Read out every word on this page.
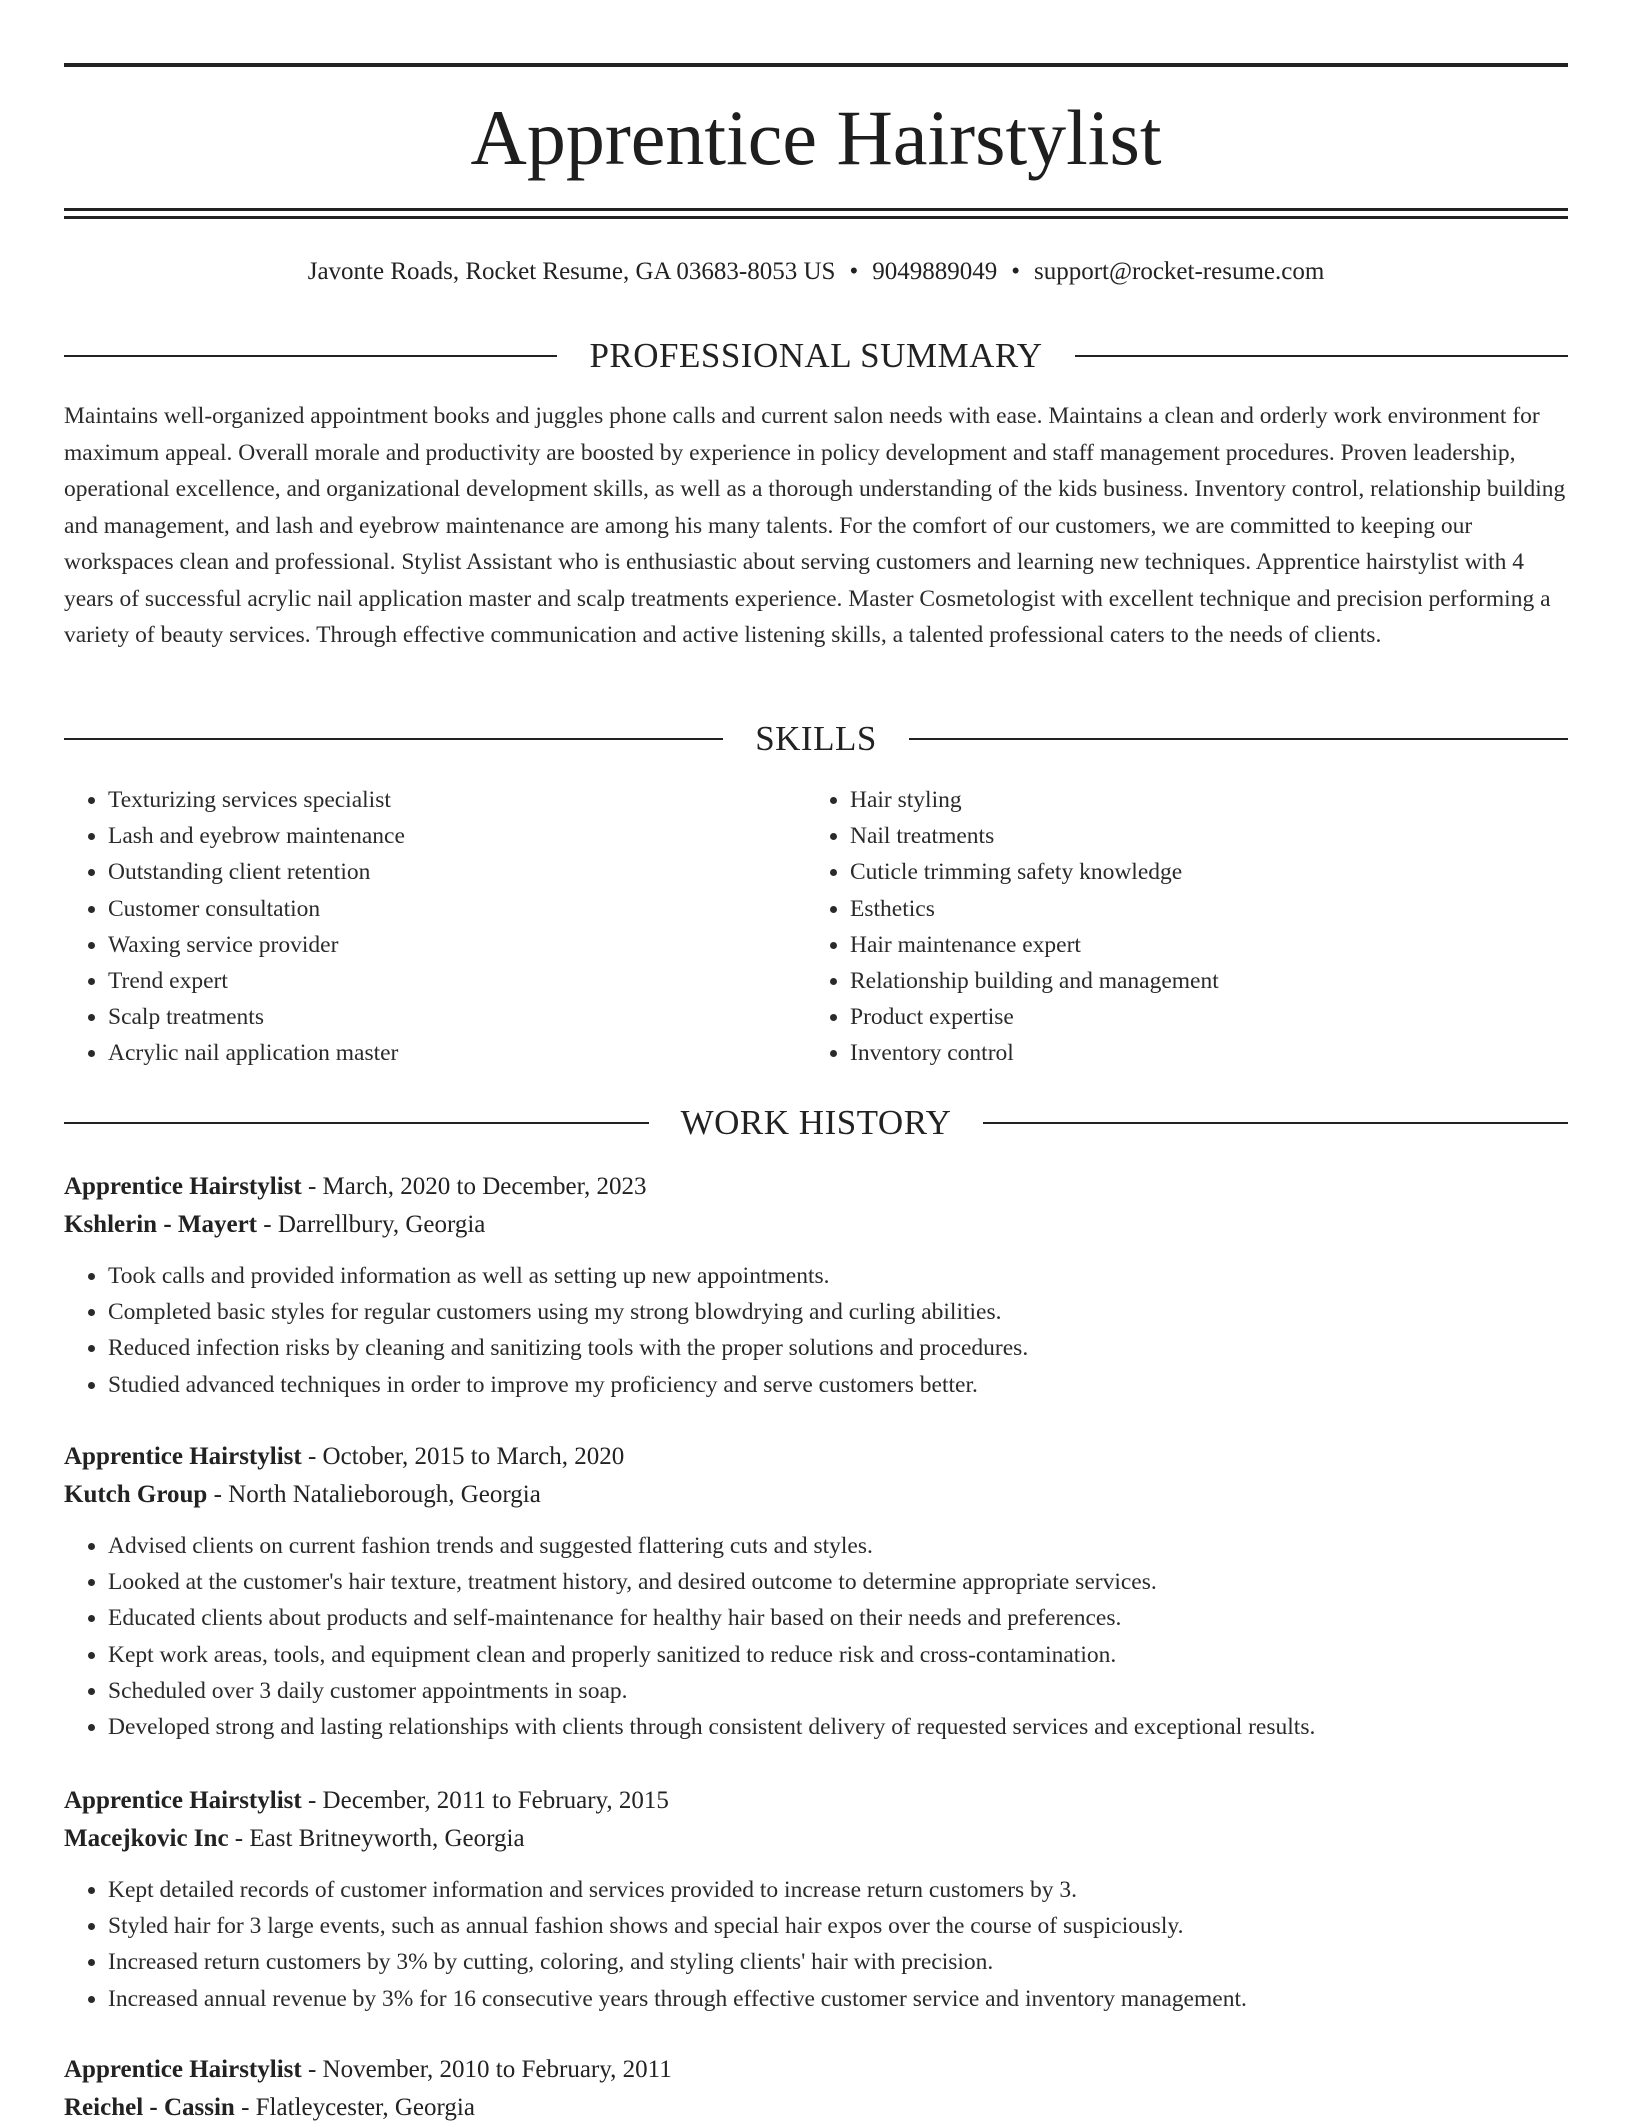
Apprentice Hairstylist
Javonte Roads, Rocket Resume, GA 03683-8053 US • 9049889049 • support@rocket-resume.com
PROFESSIONAL SUMMARY

Maintains well-organized appointment books and juggles phone calls and current salon needs with ease. Maintains a clean and orderly work environment for maximum appeal. Overall morale and productivity are boosted by experience in policy development and staff management procedures. Proven leadership, operational excellence, and organizational development skills, as well as a thorough understanding of the kids business. Inventory control, relationship building and management, and lash and eyebrow maintenance are among his many talents. For the comfort of our customers, we are committed to keeping our workspaces clean and professional. Stylist Assistant who is enthusiastic about serving customers and learning new techniques. Apprentice hairstylist with 4 years of successful acrylic nail application master and scalp treatments experience. Master Cosmetologist with excellent technique and precision performing a variety of beauty services. Through effective communication and active listening skills, a talented professional caters to the needs of clients.

SKILLS
• Texturizing services specialist
• Lash and eyebrow maintenance
• Outstanding client retention
• Customer consultation
• Waxing service provider
• Trend expert
• Scalp treatments
• Acrylic nail application master
• Hair styling
• Nail treatments
• Cuticle trimming safety knowledge
• Esthetics
• Hair maintenance expert
• Relationship building and management
• Product expertise
• Inventory control
WORK HISTORY

Apprentice Hairstylist - March, 2020 to December, 2023

Kshlerin - Mayert - Darrellbury, Georgia

• Took calls and provided information as well as setting up new appointments.
• Completed basic styles for regular customers using my strong blowdrying and curling abilities.
• Reduced infection risks by cleaning and sanitizing tools with the proper solutions and procedures.
• Studied advanced techniques in order to improve my proficiency and serve customers better.

Apprentice Hairstylist - October, 2015 to March, 2020

Kutch Group - North Natalieborough, Georgia

• Advised clients on current fashion trends and suggested flattering cuts and styles.
• Looked at the customer's hair texture, treatment history, and desired outcome to determine appropriate services.
• Educated clients about products and self-maintenance for healthy hair based on their needs and preferences.
• Kept work areas, tools, and equipment clean and properly sanitized to reduce risk and cross-contamination.
• Scheduled over 3 daily customer appointments in soap.
• Developed strong and lasting relationships with clients through consistent delivery of requested services and exceptional results.

Apprentice Hairstylist - December, 2011 to February, 2015

Macejkovic Inc - East Britneyworth, Georgia

• Kept detailed records of customer information and services provided to increase return customers by 3.
• Styled hair for 3 large events, such as annual fashion shows and special hair expos over the course of suspiciously.
• Increased return customers by 3% by cutting, coloring, and styling clients' hair with precision.
• Increased annual revenue by 3% for 16 consecutive years through effective customer service and inventory management.

Apprentice Hairstylist - November, 2010 to February, 2011

Reichel - Cassin - Flatleycester, Georgia
